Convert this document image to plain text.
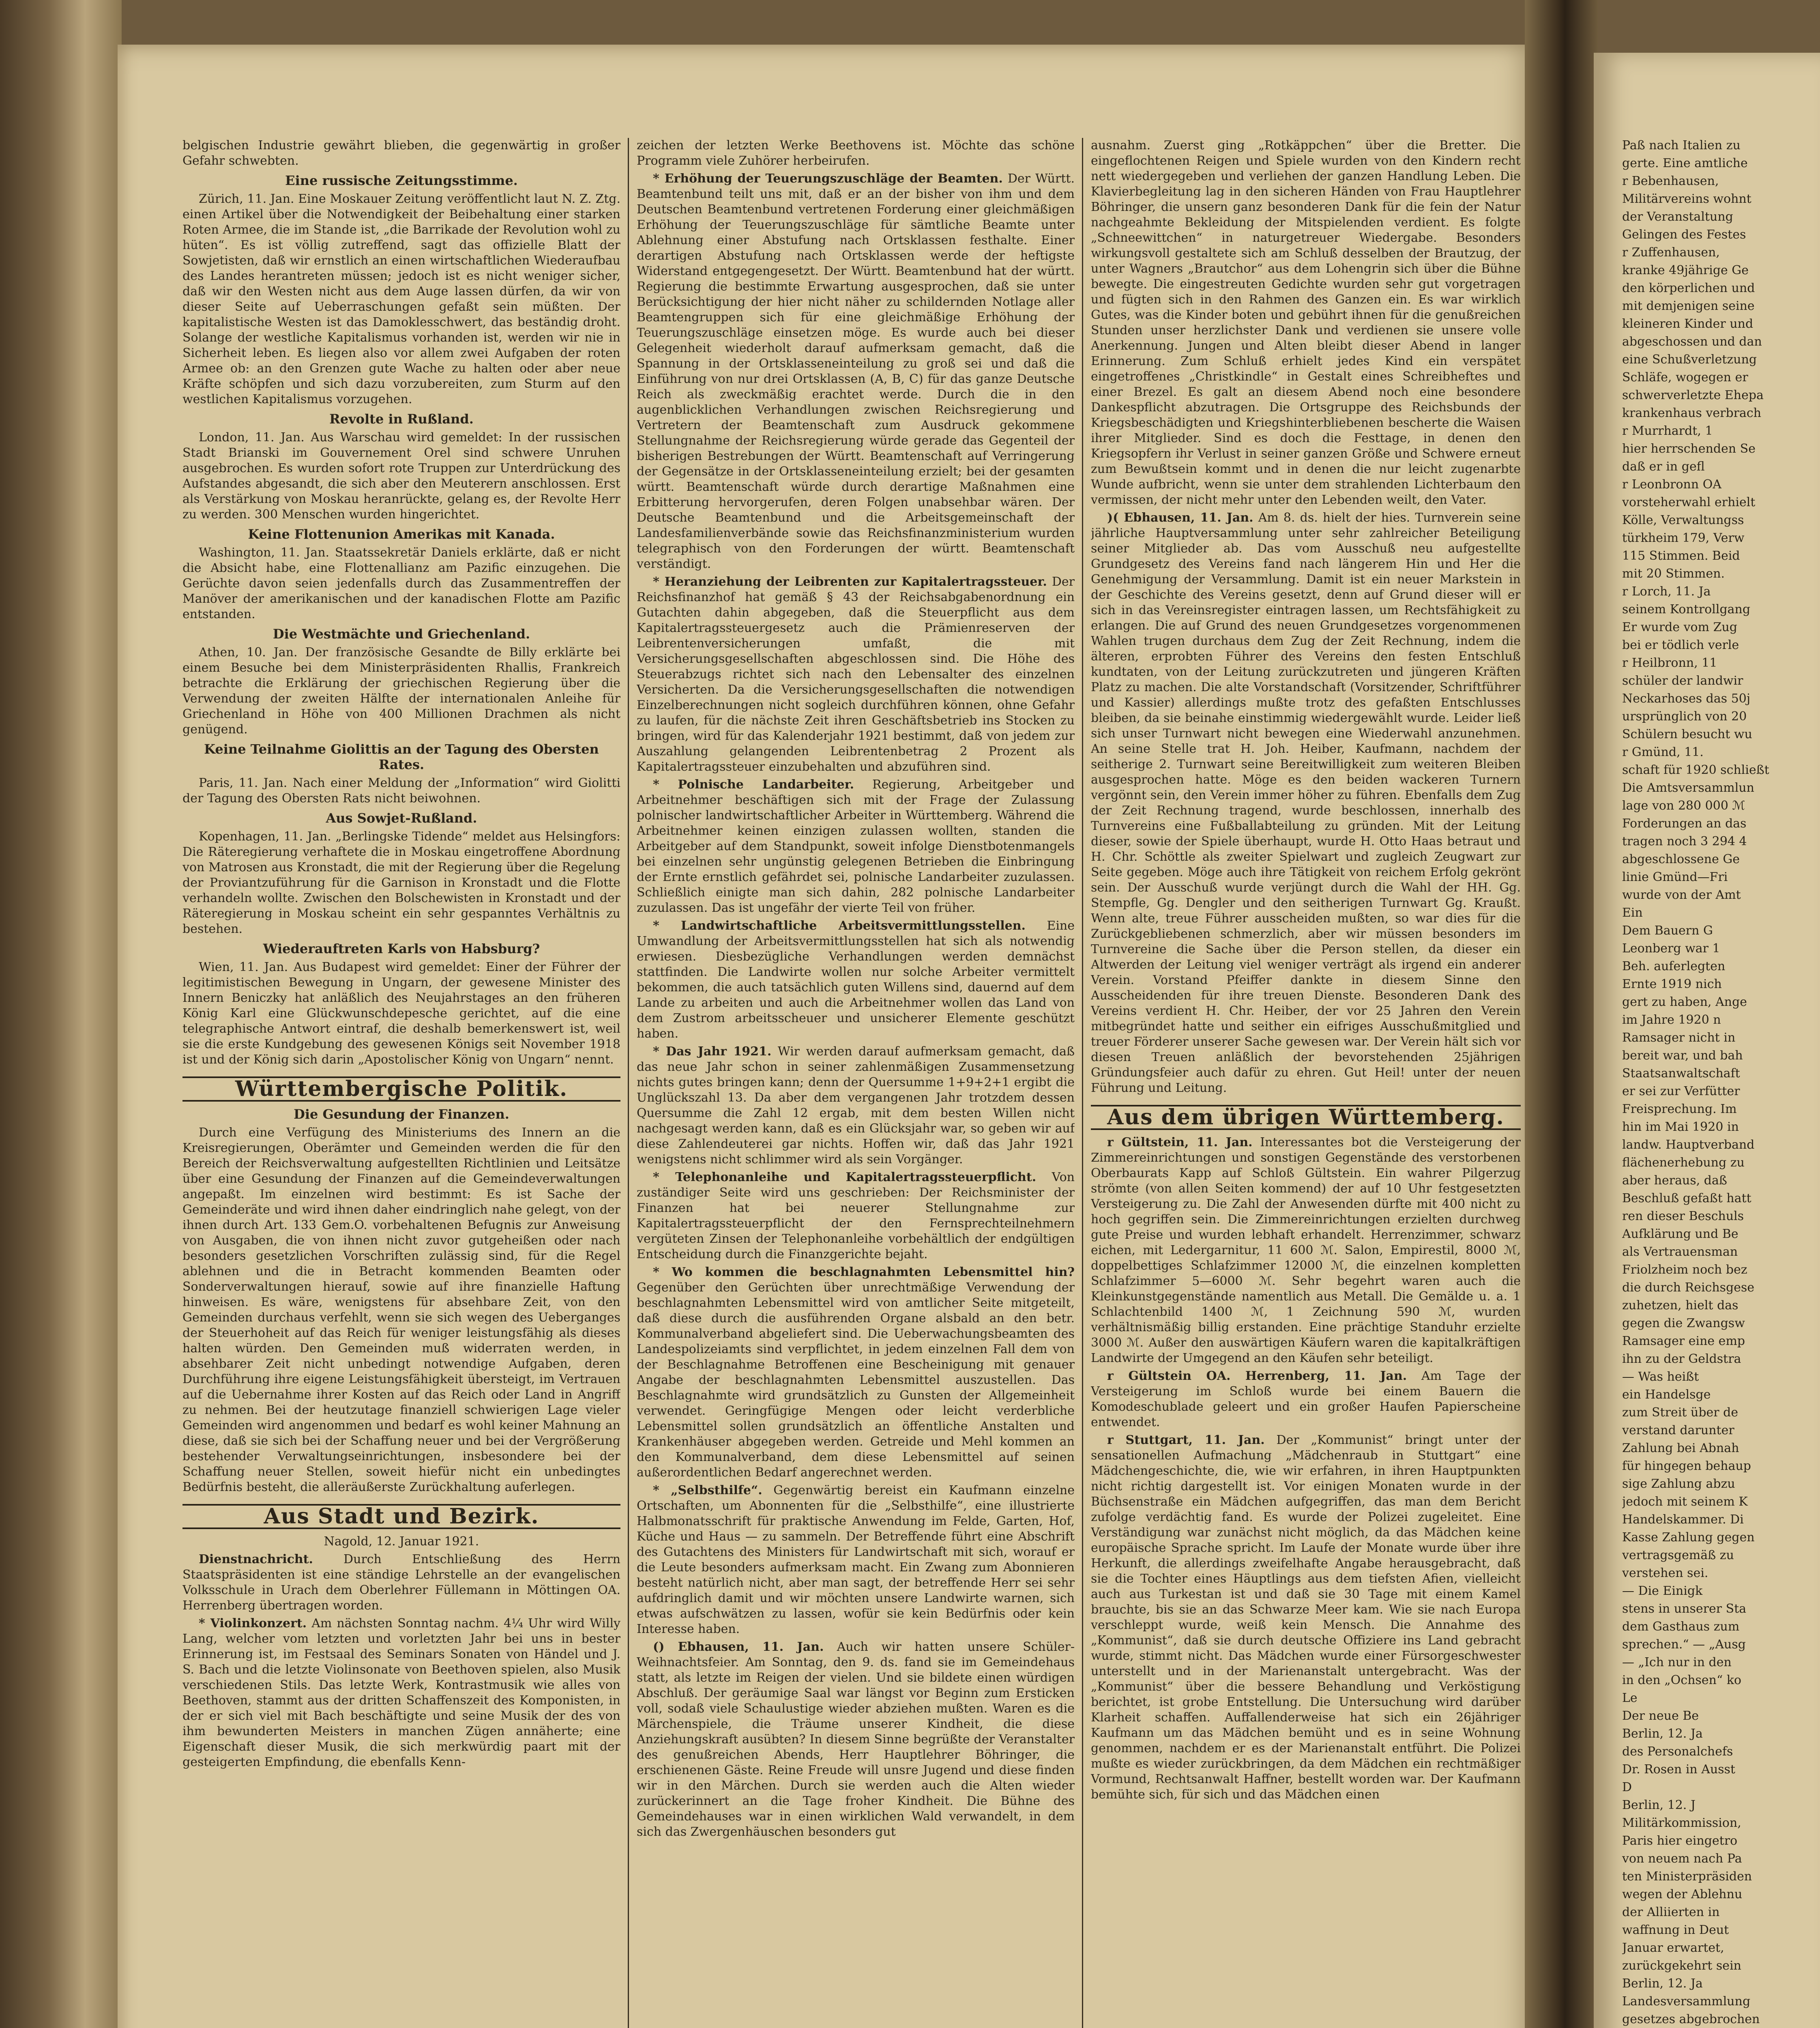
belgischen Industrie gewährt blieben, die gegenwärtig in großer Gefahr schwebten.

Eine russische Zeitungsstimme.

Zürich, 11. Jan. Eine Moskauer Zeitung veröffentlicht laut N. Z. Ztg. einen Artikel über die Notwendigkeit der Beibehaltung einer starken Roten Armee, die im Stande ist, „die Barrikade der Revolution wohl zu hüten“. Es ist völlig zutreffend, sagt das offizielle Blatt der Sowjetisten, daß wir ernstlich an einen wirtschaftlichen Wiederaufbau des Landes herantreten müssen; jedoch ist es nicht weniger sicher, daß wir den Westen nicht aus dem Auge lassen dürfen, da wir von dieser Seite auf Ueberraschungen gefaßt sein müßten. Der kapitalistische Westen ist das Damoklesschwert, das beständig droht. Solange der westliche Kapitalismus vorhanden ist, werden wir nie in Sicherheit leben. Es liegen also vor allem zwei Aufgaben der roten Armee ob: an den Grenzen gute Wache zu halten oder aber neue Kräfte schöpfen und sich dazu vorzubereiten, zum Sturm auf den westlichen Kapitalismus vorzugehen.

Revolte in Rußland.

London, 11. Jan. Aus Warschau wird gemeldet: In der russischen Stadt Brianski im Gouvernement Orel sind schwere Unruhen ausgebrochen. Es wurden sofort rote Truppen zur Unterdrückung des Aufstandes abgesandt, die sich aber den Meuterern anschlossen. Erst als Verstärkung von Moskau heranrückte, gelang es, der Revolte Herr zu werden. 300 Menschen wurden hingerichtet.

Keine Flottenunion Amerikas mit Kanada.

Washington, 11. Jan. Staatssekretär Daniels erklärte, daß er nicht die Absicht habe, eine Flottenallianz am Pazific einzugehen. Die Gerüchte davon seien jedenfalls durch das Zusammentreffen der Manöver der amerikanischen und der kanadischen Flotte am Pazific entstanden.

Die Westmächte und Griechenland.

Athen, 10. Jan. Der französische Gesandte de Billy erklärte bei einem Besuche bei dem Ministerpräsidenten Rhallis, Frankreich betrachte die Erklärung der griechischen Regierung über die Verwendung der zweiten Hälfte der internationalen Anleihe für Griechenland in Höhe von 400 Millionen Drachmen als nicht genügend.

Keine Teilnahme Giolittis an der Tagung des Obersten Rates.

Paris, 11. Jan. Nach einer Meldung der „Information“ wird Giolitti der Tagung des Obersten Rats nicht beiwohnen.

Aus Sowjet-Rußland.

Kopenhagen, 11. Jan. „Berlingske Tidende“ meldet aus Helsingfors: Die Räteregierung verhaftete die in Moskau eingetroffene Abordnung von Matrosen aus Kronstadt, die mit der Regierung über die Regelung der Proviantzuführung für die Garnison in Kronstadt und die Flotte verhandeln wollte. Zwischen den Bolschewisten in Kronstadt und der Räteregierung in Moskau scheint ein sehr gespanntes Verhältnis zu bestehen.

Wiederauftreten Karls von Habsburg?

Wien, 11. Jan. Aus Budapest wird gemeldet: Einer der Führer der legitimistischen Bewegung in Ungarn, der gewesene Minister des Innern Beniczky hat anläßlich des Neujahrstages an den früheren König Karl eine Glückwunschdepesche gerichtet, auf die eine telegraphische Antwort eintraf, die deshalb bemerkenswert ist, weil sie die erste Kundgebung des gewesenen Königs seit November 1918 ist und der König sich darin „Apostolischer König von Ungarn“ nennt.

Württembergische Politik.
Die Gesundung der Finanzen.

Durch eine Verfügung des Ministeriums des Innern an die Kreisregierungen, Oberämter und Gemeinden werden die für den Bereich der Reichsverwaltung aufgestellten Richtlinien und Leitsätze über eine Gesundung der Finanzen auf die Gemeindeverwaltungen angepaßt. Im einzelnen wird bestimmt: Es ist Sache der Gemeinderäte und wird ihnen daher eindringlich nahe gelegt, von der ihnen durch Art. 133 Gem.O. vorbehaltenen Befugnis zur Anweisung von Ausgaben, die von ihnen nicht zuvor gutgeheißen oder nach besonders gesetzlichen Vorschriften zulässig sind, für die Regel ablehnen und die in Betracht kommenden Beamten oder Sonderverwaltungen hierauf, sowie auf ihre finanzielle Haftung hinweisen. Es wäre, wenigstens für absehbare Zeit, von den Gemeinden durchaus verfehlt, wenn sie sich wegen des Ueberganges der Steuerhoheit auf das Reich für weniger leistungsfähig als dieses halten würden. Den Gemeinden muß widerraten werden, in absehbarer Zeit nicht unbedingt notwendige Aufgaben, deren Durchführung ihre eigene Leistungsfähigkeit übersteigt, im Vertrauen auf die Uebernahme ihrer Kosten auf das Reich oder Land in Angriff zu nehmen. Bei der heutzutage finanziell schwierigen Lage vieler Gemeinden wird angenommen und bedarf es wohl keiner Mahnung an diese, daß sie sich bei der Schaffung neuer und bei der Vergrößerung bestehender Verwaltungseinrichtungen, insbesondere bei der Schaffung neuer Stellen, soweit hiefür nicht ein unbedingtes Bedürfnis besteht, die alleräußerste Zurückhaltung auferlegen.

Aus Stadt und Bezirk.

Nagold, 12. Januar 1921.

Dienstnachricht. Durch Entschließung des Herrn Staatspräsidenten ist eine ständige Lehrstelle an der evangelischen Volksschule in Urach dem Oberlehrer Füllemann in Möttingen OA. Herrenberg übertragen worden.

* Violinkonzert. Am nächsten Sonntag nachm. 4¼ Uhr wird Willy Lang, welcher vom letzten und vorletzten Jahr bei uns in bester Erinnerung ist, im Festsaal des Seminars Sonaten von Händel und J. S. Bach und die letzte Violinsonate von Beethoven spielen, also Musik verschiedenen Stils. Das letzte Werk, Kontrastmusik wie alles von Beethoven, stammt aus der dritten Schaffenszeit des Komponisten, in der er sich viel mit Bach beschäftigte und seine Musik der des von ihm bewunderten Meisters in manchen Zügen annäherte; eine Eigenschaft dieser Musik, die sich merkwürdig paart mit der gesteigerten Empfindung, die ebenfalls Kenn-

zeichen der letzten Werke Beethovens ist. Möchte das schöne Programm viele Zuhörer herbeirufen.

* Erhöhung der Teuerungszuschläge der Beamten. Der Württ. Beamtenbund teilt uns mit, daß er an der bisher von ihm und dem Deutschen Beamtenbund vertretenen Forderung einer gleichmäßigen Erhöhung der Teuerungszuschläge für sämtliche Beamte unter Ablehnung einer Abstufung nach Ortsklassen festhalte. Einer derartigen Abstufung nach Ortsklassen werde der heftigste Widerstand entgegengesetzt. Der Württ. Beamtenbund hat der württ. Regierung die bestimmte Erwartung ausgesprochen, daß sie unter Berücksichtigung der hier nicht näher zu schildernden Notlage aller Beamtengruppen sich für eine gleichmäßige Erhöhung der Teuerungszuschläge einsetzen möge. Es wurde auch bei dieser Gelegenheit wiederholt darauf aufmerksam gemacht, daß die Spannung in der Ortsklasseneinteilung zu groß sei und daß die Einführung von nur drei Ortsklassen (A, B, C) für das ganze Deutsche Reich als zweckmäßig erachtet werde. Durch die in den augenblicklichen Verhandlungen zwischen Reichsregierung und Vertretern der Beamtenschaft zum Ausdruck gekommene Stellungnahme der Reichsregierung würde gerade das Gegenteil der bisherigen Bestrebungen der Württ. Beamtenschaft auf Verringerung der Gegensätze in der Ortsklasseneinteilung erzielt; bei der gesamten württ. Beamtenschaft würde durch derartige Maßnahmen eine Erbitterung hervorgerufen, deren Folgen unabsehbar wären. Der Deutsche Beamtenbund und die Arbeitsgemeinschaft der Landesfamilienverbände sowie das Reichsfinanzministerium wurden telegraphisch von den Forderungen der württ. Beamtenschaft verständigt.

* Heranziehung der Leibrenten zur Kapitalertragssteuer. Der Reichsfinanzhof hat gemäß § 43 der Reichsabgabenordnung ein Gutachten dahin abgegeben, daß die Steuerpflicht aus dem Kapitalertragssteuergesetz auch die Prämienreserven der Leibrentenversicherungen umfaßt, die mit Versicherungsgesellschaften abgeschlossen sind. Die Höhe des Steuerabzugs richtet sich nach den Lebensalter des einzelnen Versicherten. Da die Versicherungsgesellschaften die notwendigen Einzelberechnungen nicht sogleich durchführen können, ohne Gefahr zu laufen, für die nächste Zeit ihren Geschäftsbetrieb ins Stocken zu bringen, wird für das Kalenderjahr 1921 bestimmt, daß von jedem zur Auszahlung gelangenden Leibrentenbetrag 2 Prozent als Kapitalertragssteuer einzubehalten und abzuführen sind.

* Polnische Landarbeiter. Regierung, Arbeitgeber und Arbeitnehmer beschäftigen sich mit der Frage der Zulassung polnischer landwirtschaftlicher Arbeiter in Württemberg. Während die Arbeitnehmer keinen einzigen zulassen wollten, standen die Arbeitgeber auf dem Standpunkt, soweit infolge Dienstbotenmangels bei einzelnen sehr ungünstig gelegenen Betrieben die Einbringung der Ernte ernstlich gefährdet sei, polnische Landarbeiter zuzulassen. Schließlich einigte man sich dahin, 282 polnische Landarbeiter zuzulassen. Das ist ungefähr der vierte Teil von früher.

* Landwirtschaftliche Arbeitsvermittlungsstellen. Eine Umwandlung der Arbeitsvermittlungsstellen hat sich als notwendig erwiesen. Diesbezügliche Verhandlungen werden demnächst stattfinden. Die Landwirte wollen nur solche Arbeiter vermittelt bekommen, die auch tatsächlich guten Willens sind, dauernd auf dem Lande zu arbeiten und auch die Arbeitnehmer wollen das Land von dem Zustrom arbeitsscheuer und unsicherer Elemente geschützt haben.

* Das Jahr 1921. Wir werden darauf aufmerksam gemacht, daß das neue Jahr schon in seiner zahlenmäßigen Zusammensetzung nichts gutes bringen kann; denn der Quersumme 1+9+2+1 ergibt die Unglückszahl 13. Da aber dem vergangenen Jahr trotzdem dessen Quersumme die Zahl 12 ergab, mit dem besten Willen nicht nachgesagt werden kann, daß es ein Glücksjahr war, so geben wir auf diese Zahlendeuterei gar nichts. Hoffen wir, daß das Jahr 1921 wenigstens nicht schlimmer wird als sein Vorgänger.

* Telephonanleihe und Kapitalertragssteuerpflicht. Von zuständiger Seite wird uns geschrieben: Der Reichsminister der Finanzen hat bei neuerer Stellungnahme zur Kapitalertragssteuerpflicht der den Fernsprechteilnehmern vergüteten Zinsen der Telephonanleihe vorbehältlich der endgültigen Entscheidung durch die Finanzgerichte bejaht.

* Wo kommen die beschlagnahmten Lebensmittel hin? Gegenüber den Gerüchten über unrechtmäßige Verwendung der beschlagnahmten Lebensmittel wird von amtlicher Seite mitgeteilt, daß diese durch die ausführenden Organe alsbald an den betr. Kommunalverband abgeliefert sind. Die Ueberwachungsbeamten des Landespolizeiamts sind verpflichtet, in jedem einzelnen Fall dem von der Beschlagnahme Betroffenen eine Bescheinigung mit genauer Angabe der beschlagnahmten Lebensmittel auszustellen. Das Beschlagnahmte wird grundsätzlich zu Gunsten der Allgemeinheit verwendet. Geringfügige Mengen oder leicht verderbliche Lebensmittel sollen grundsätzlich an öffentliche Anstalten und Krankenhäuser abgegeben werden. Getreide und Mehl kommen an den Kommunalverband, dem diese Lebensmittel auf seinen außerordentlichen Bedarf angerechnet werden.

* „Selbsthilfe“. Gegenwärtig bereist ein Kaufmann einzelne Ortschaften, um Abonnenten für die „Selbsthilfe“, eine illustrierte Halbmonatsschrift für praktische Anwendung im Felde, Garten, Hof, Küche und Haus — zu sammeln. Der Betreffende führt eine Abschrift des Gutachtens des Ministers für Landwirtschaft mit sich, worauf er die Leute besonders aufmerksam macht. Ein Zwang zum Abonnieren besteht natürlich nicht, aber man sagt, der betreffende Herr sei sehr aufdringlich damit und wir möchten unsere Landwirte warnen, sich etwas aufschwätzen zu lassen, wofür sie kein Bedürfnis oder kein Interesse haben.

() Ebhausen, 11. Jan. Auch wir hatten unsere Schüler-Weihnachtsfeier. Am Sonntag, den 9. ds. fand sie im Gemeindehaus statt, als letzte im Reigen der vielen. Und sie bildete einen würdigen Abschluß. Der geräumige Saal war längst vor Beginn zum Ersticken voll, sodaß viele Schaulustige wieder abziehen mußten. Waren es die Märchenspiele, die Träume unserer Kindheit, die diese Anziehungskraft ausübten? In diesem Sinne begrüßte der Veranstalter des genußreichen Abends, Herr Hauptlehrer Böhringer, die erschienenen Gäste. Reine Freude will unsre Jugend und diese finden wir in den Märchen. Durch sie werden auch die Alten wieder zurückerinnert an die Tage froher Kindheit. Die Bühne des Gemeindehauses war in einen wirklichen Wald verwandelt, in dem sich das Zwergenhäuschen besonders gut

ausnahm. Zuerst ging „Rotkäppchen“ über die Bretter. Die eingeflochtenen Reigen und Spiele wurden von den Kindern recht nett wiedergegeben und verliehen der ganzen Handlung Leben. Die Klavierbegleitung lag in den sicheren Händen von Frau Hauptlehrer Böhringer, die unsern ganz besonderen Dank für die fein der Natur nachgeahmte Bekleidung der Mitspielenden verdient. Es folgte „Schneewittchen“ in naturgetreuer Wiedergabe. Besonders wirkungsvoll gestaltete sich am Schluß desselben der Brautzug, der unter Wagners „Brautchor“ aus dem Lohengrin sich über die Bühne bewegte. Die eingestreuten Gedichte wurden sehr gut vorgetragen und fügten sich in den Rahmen des Ganzen ein. Es war wirklich Gutes, was die Kinder boten und gebührt ihnen für die genußreichen Stunden unser herzlichster Dank und verdienen sie unsere volle Anerkennung. Jungen und Alten bleibt dieser Abend in langer Erinnerung. Zum Schluß erhielt jedes Kind ein verspätet eingetroffenes „Christkindle“ in Gestalt eines Schreibheftes und einer Brezel. Es galt an diesem Abend noch eine besondere Dankespflicht abzutragen. Die Ortsgruppe des Reichsbunds der Kriegsbeschädigten und Kriegshinterbliebenen bescherte die Waisen ihrer Mitglieder. Sind es doch die Festtage, in denen den Kriegsopfern ihr Verlust in seiner ganzen Größe und Schwere erneut zum Bewußtsein kommt und in denen die nur leicht zugenarbte Wunde aufbricht, wenn sie unter dem strahlenden Lichterbaum den vermissen, der nicht mehr unter den Lebenden weilt, den Vater.

)( Ebhausen, 11. Jan. Am 8. ds. hielt der hies. Turnverein seine jährliche Hauptversammlung unter sehr zahlreicher Beteiligung seiner Mitglieder ab. Das vom Ausschuß neu aufgestellte Grundgesetz des Vereins fand nach längerem Hin und Her die Genehmigung der Versammlung. Damit ist ein neuer Markstein in der Geschichte des Vereins gesetzt, denn auf Grund dieser will er sich in das Vereinsregister eintragen lassen, um Rechtsfähigkeit zu erlangen. Die auf Grund des neuen Grundgesetzes vorgenommenen Wahlen trugen durchaus dem Zug der Zeit Rechnung, indem die älteren, erprobten Führer des Vereins den festen Entschluß kundtaten, von der Leitung zurückzutreten und jüngeren Kräften Platz zu machen. Die alte Vorstandschaft (Vorsitzender, Schriftführer und Kassier) allerdings mußte trotz des gefaßten Entschlusses bleiben, da sie beinahe einstimmig wiedergewählt wurde. Leider ließ sich unser Turnwart nicht bewegen eine Wiederwahl anzunehmen. An seine Stelle trat H. Joh. Heiber, Kaufmann, nachdem der seitherige 2. Turnwart seine Bereitwilligkeit zum weiteren Bleiben ausgesprochen hatte. Möge es den beiden wackeren Turnern vergönnt sein, den Verein immer höher zu führen. Ebenfalls dem Zug der Zeit Rechnung tragend, wurde beschlossen, innerhalb des Turnvereins eine Fußballabteilung zu gründen. Mit der Leitung dieser, sowie der Spiele überhaupt, wurde H. Otto Haas betraut und H. Chr. Schöttle als zweiter Spielwart und zugleich Zeugwart zur Seite gegeben. Möge auch ihre Tätigkeit von reichem Erfolg gekrönt sein. Der Ausschuß wurde verjüngt durch die Wahl der HH. Gg. Stempfle, Gg. Dengler und den seitherigen Turnwart Gg. Kraußt. Wenn alte, treue Führer ausscheiden mußten, so war dies für die Zurückgebliebenen schmerzlich, aber wir müssen besonders im Turnvereine die Sache über die Person stellen, da dieser ein Altwerden der Leitung viel weniger verträgt als irgend ein anderer Verein. Vorstand Pfeiffer dankte in diesem Sinne den Ausscheidenden für ihre treuen Dienste. Besonderen Dank des Vereins verdient H. Chr. Heiber, der vor 25 Jahren den Verein mitbegründet hatte und seither ein eifriges Ausschußmitglied und treuer Förderer unserer Sache gewesen war. Der Verein hält sich vor diesen Treuen anläßlich der bevorstehenden 25jährigen Gründungsfeier auch dafür zu ehren. Gut Heil! unter der neuen Führung und Leitung.

Aus dem übrigen Württemberg.

r Gültstein, 11. Jan. Interessantes bot die Versteigerung der Zimmereinrichtungen und sonstigen Gegenstände des verstorbenen Oberbaurats Kapp auf Schloß Gültstein. Ein wahrer Pilgerzug strömte (von allen Seiten kommend) der auf 10 Uhr festgesetzten Versteigerung zu. Die Zahl der Anwesenden dürfte mit 400 nicht zu hoch gegriffen sein. Die Zimmereinrichtungen erzielten durchweg gute Preise und wurden lebhaft erhandelt. Herrenzimmer, schwarz eichen, mit Ledergarnitur, 11 600 ℳ. Salon, Empirestil, 8000 ℳ, doppelbettiges Schlafzimmer 12000 ℳ, die einzelnen kompletten Schlafzimmer 5—6000 ℳ. Sehr begehrt waren auch die Kleinkunstgegenstände namentlich aus Metall. Die Gemälde u. a. 1 Schlachtenbild 1400 ℳ, 1 Zeichnung 590 ℳ, wurden verhältnismäßig billig erstanden. Eine prächtige Standuhr erzielte 3000 ℳ. Außer den auswärtigen Käufern waren die kapitalkräftigen Landwirte der Umgegend an den Käufen sehr beteiligt.

r Gültstein OA. Herrenberg, 11. Jan. Am Tage der Versteigerung im Schloß wurde bei einem Bauern die Komodeschublade geleert und ein großer Haufen Papierscheine entwendet.

r Stuttgart, 11. Jan. Der „Kommunist“ bringt unter der sensationellen Aufmachung „Mädchenraub in Stuttgart“ eine Mädchengeschichte, die, wie wir erfahren, in ihren Hauptpunkten nicht richtig dargestellt ist. Vor einigen Monaten wurde in der Büchsenstraße ein Mädchen aufgegriffen, das man dem Bericht zufolge verdächtig fand. Es wurde der Polizei zugeleitet. Eine Verständigung war zunächst nicht möglich, da das Mädchen keine europäische Sprache spricht. Im Laufe der Monate wurde über ihre Herkunft, die allerdings zweifelhafte Angabe herausgebracht, daß sie die Tochter eines Häuptlings aus dem tiefsten Afien, vielleicht auch aus Turkestan ist und daß sie 30 Tage mit einem Kamel brauchte, bis sie an das Schwarze Meer kam. Wie sie nach Europa verschleppt wurde, weiß kein Mensch. Die Annahme des „Kommunist“, daß sie durch deutsche Offiziere ins Land gebracht wurde, stimmt nicht. Das Mädchen wurde einer Fürsorgeschwester unterstellt und in der Marienanstalt untergebracht. Was der „Kommunist“ über die bessere Behandlung und Verköstigung berichtet, ist grobe Entstellung. Die Untersuchung wird darüber Klarheit schaffen. Auffallenderweise hat sich ein 26jähriger Kaufmann um das Mädchen bemüht und es in seine Wohnung genommen, nachdem er es der Marienanstalt entführt. Die Polizei mußte es wieder zurückbringen, da dem Mädchen ein rechtmäßiger Vormund, Rechtsanwalt Haffner, bestellt worden war. Der Kaufmann bemühte sich, für sich und das Mädchen einen

Paß nach Italien zu

gerte. Eine amtliche

r Bebenhausen,

Militärvereins wohnt

der Veranstaltung

Gelingen des Festes

r Zuffenhausen,

kranke 49jährige Ge

den körperlichen und

mit demjenigen seine

kleineren Kinder und

abgeschossen und dan

eine Schußverletzung

Schläfe, wogegen er

schwerverletzte Ehepa

krankenhaus verbrach

r Murrhardt, 1

hier herrschenden Se

daß er in gefl

r Leonbronn OA

vorsteherwahl erhielt

Kölle, Verwaltungss

türkheim 179, Verw

115 Stimmen. Beid

mit 20 Stimmen.

r Lorch, 11. Ja

seinem Kontrollgang

Er wurde vom Zug

bei er tödlich verle

r Heilbronn, 11

schüler der landwir

Neckarhoses das 50j

ursprünglich von 20

Schülern besucht wu

r Gmünd, 11.

schaft für 1920 schließt

Die Amtsversammlun

lage von 280 000 ℳ

Forderungen an das

tragen noch 3 294 4

abgeschlossene Ge

linie Gmünd—Fri

wurde von der Amt

Ein

Dem Bauern G

Leonberg war 1

Beh. auferlegten

Ernte 1919 nich

gert zu haben, Ange

im Jahre 1920 n

Ramsager nicht in

bereit war, und bah

Staatsanwaltschaft

er sei zur Verfütter

Freisprechung. Im

hin im Mai 1920 in

landw. Hauptverband

flächenerhebung zu

aber heraus, daß

Beschluß gefaßt hatt

ren dieser Beschuls

Aufklärung und Be

als Vertrauensman

Friolzheim noch bez

die durch Reichsgese

zuhetzen, hielt das

gegen die Zwangsw

Ramsager eine emp

ihn zu der Geldstra

— Was heißt

ein Handelsge

zum Streit über de

verstand darunter

Zahlung bei Abnah

für hingegen behaup

sige Zahlung abzu

jedoch mit seinem K

Handelskammer. Di

Kasse Zahlung gegen

vertragsgemäß zu

verstehen sei.

— Die Einigk

stens in unserer Sta

dem Gasthaus zum

sprechen.“ — „Ausg

— „Ich nur in den

in den „Ochsen“ ko

Le

Der neue Be

Berlin, 12. Ja

des Personalchefs

Dr. Rosen in Ausst

D

Berlin, 12. J

Militärkommission,

Paris hier eingetro

von neuem nach Pa

ten Ministerpräsiden

wegen der Ablehnu

der Alliierten in

waffnung in Deut

Januar erwartet,

zurückgekehrt sein

Berlin, 12. Ja

Landesversammlung

gesetzes abgebrochen
